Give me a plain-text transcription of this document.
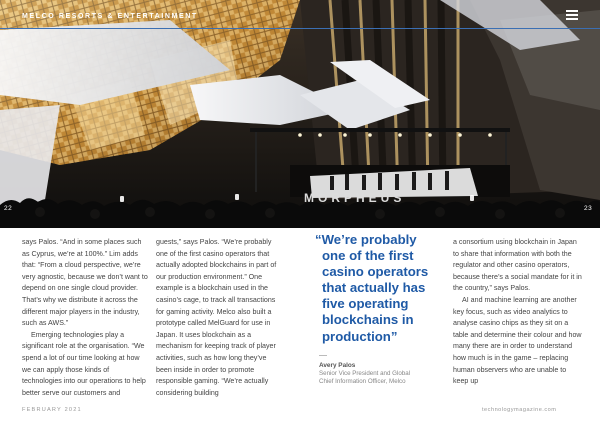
MORPHEUS
MELCO RESORTS & ENTERTAINMENT
22	23

says Palos. “And in some places such as Cyprus, we’re at 100%.” Lim adds that: “From a cloud perspective, we’re very agnostic, because we don’t want to depend on one single cloud provider. That’s why we distribute it across the different major players in the industry, such as AWS.”

Emerging technologies play a significant role at the organisation. “We spend a lot of our time looking at how we can apply those kinds of technologies into our operations to help better serve our customers and

guests,” says Palos. “We’re probably one of the first casino operators that actually adopted blockchains in part of our production environment.” One example is a blockchain used in the casino’s cage, to track all transactions for gaming activity. Melco also built a prototype called MelGuard for use in Japan. It uses blockchain as a mechanism for keeping track of player activities, such as how long they’ve been inside in order to promote responsible gaming. “We’re actually considering building

“We’re probably one of the first casino operators that actually has five operating blockchains in production”
Avery Palos
Senior Vice President and Global
Chief Information Officer, Melco

a consortium using blockchain in Japan to share that information with both the regulator and other casino operators, because there’s a social mandate for it in the country,” says Palos.

AI and machine learning are another key focus, such as video analytics to analyse casino chips as they sit on a table and determine their colour and how many there are in order to understand how much is in the game – replacing human observers who are unable to keep up

FEBRUARY 2021	technologymagazine.com
